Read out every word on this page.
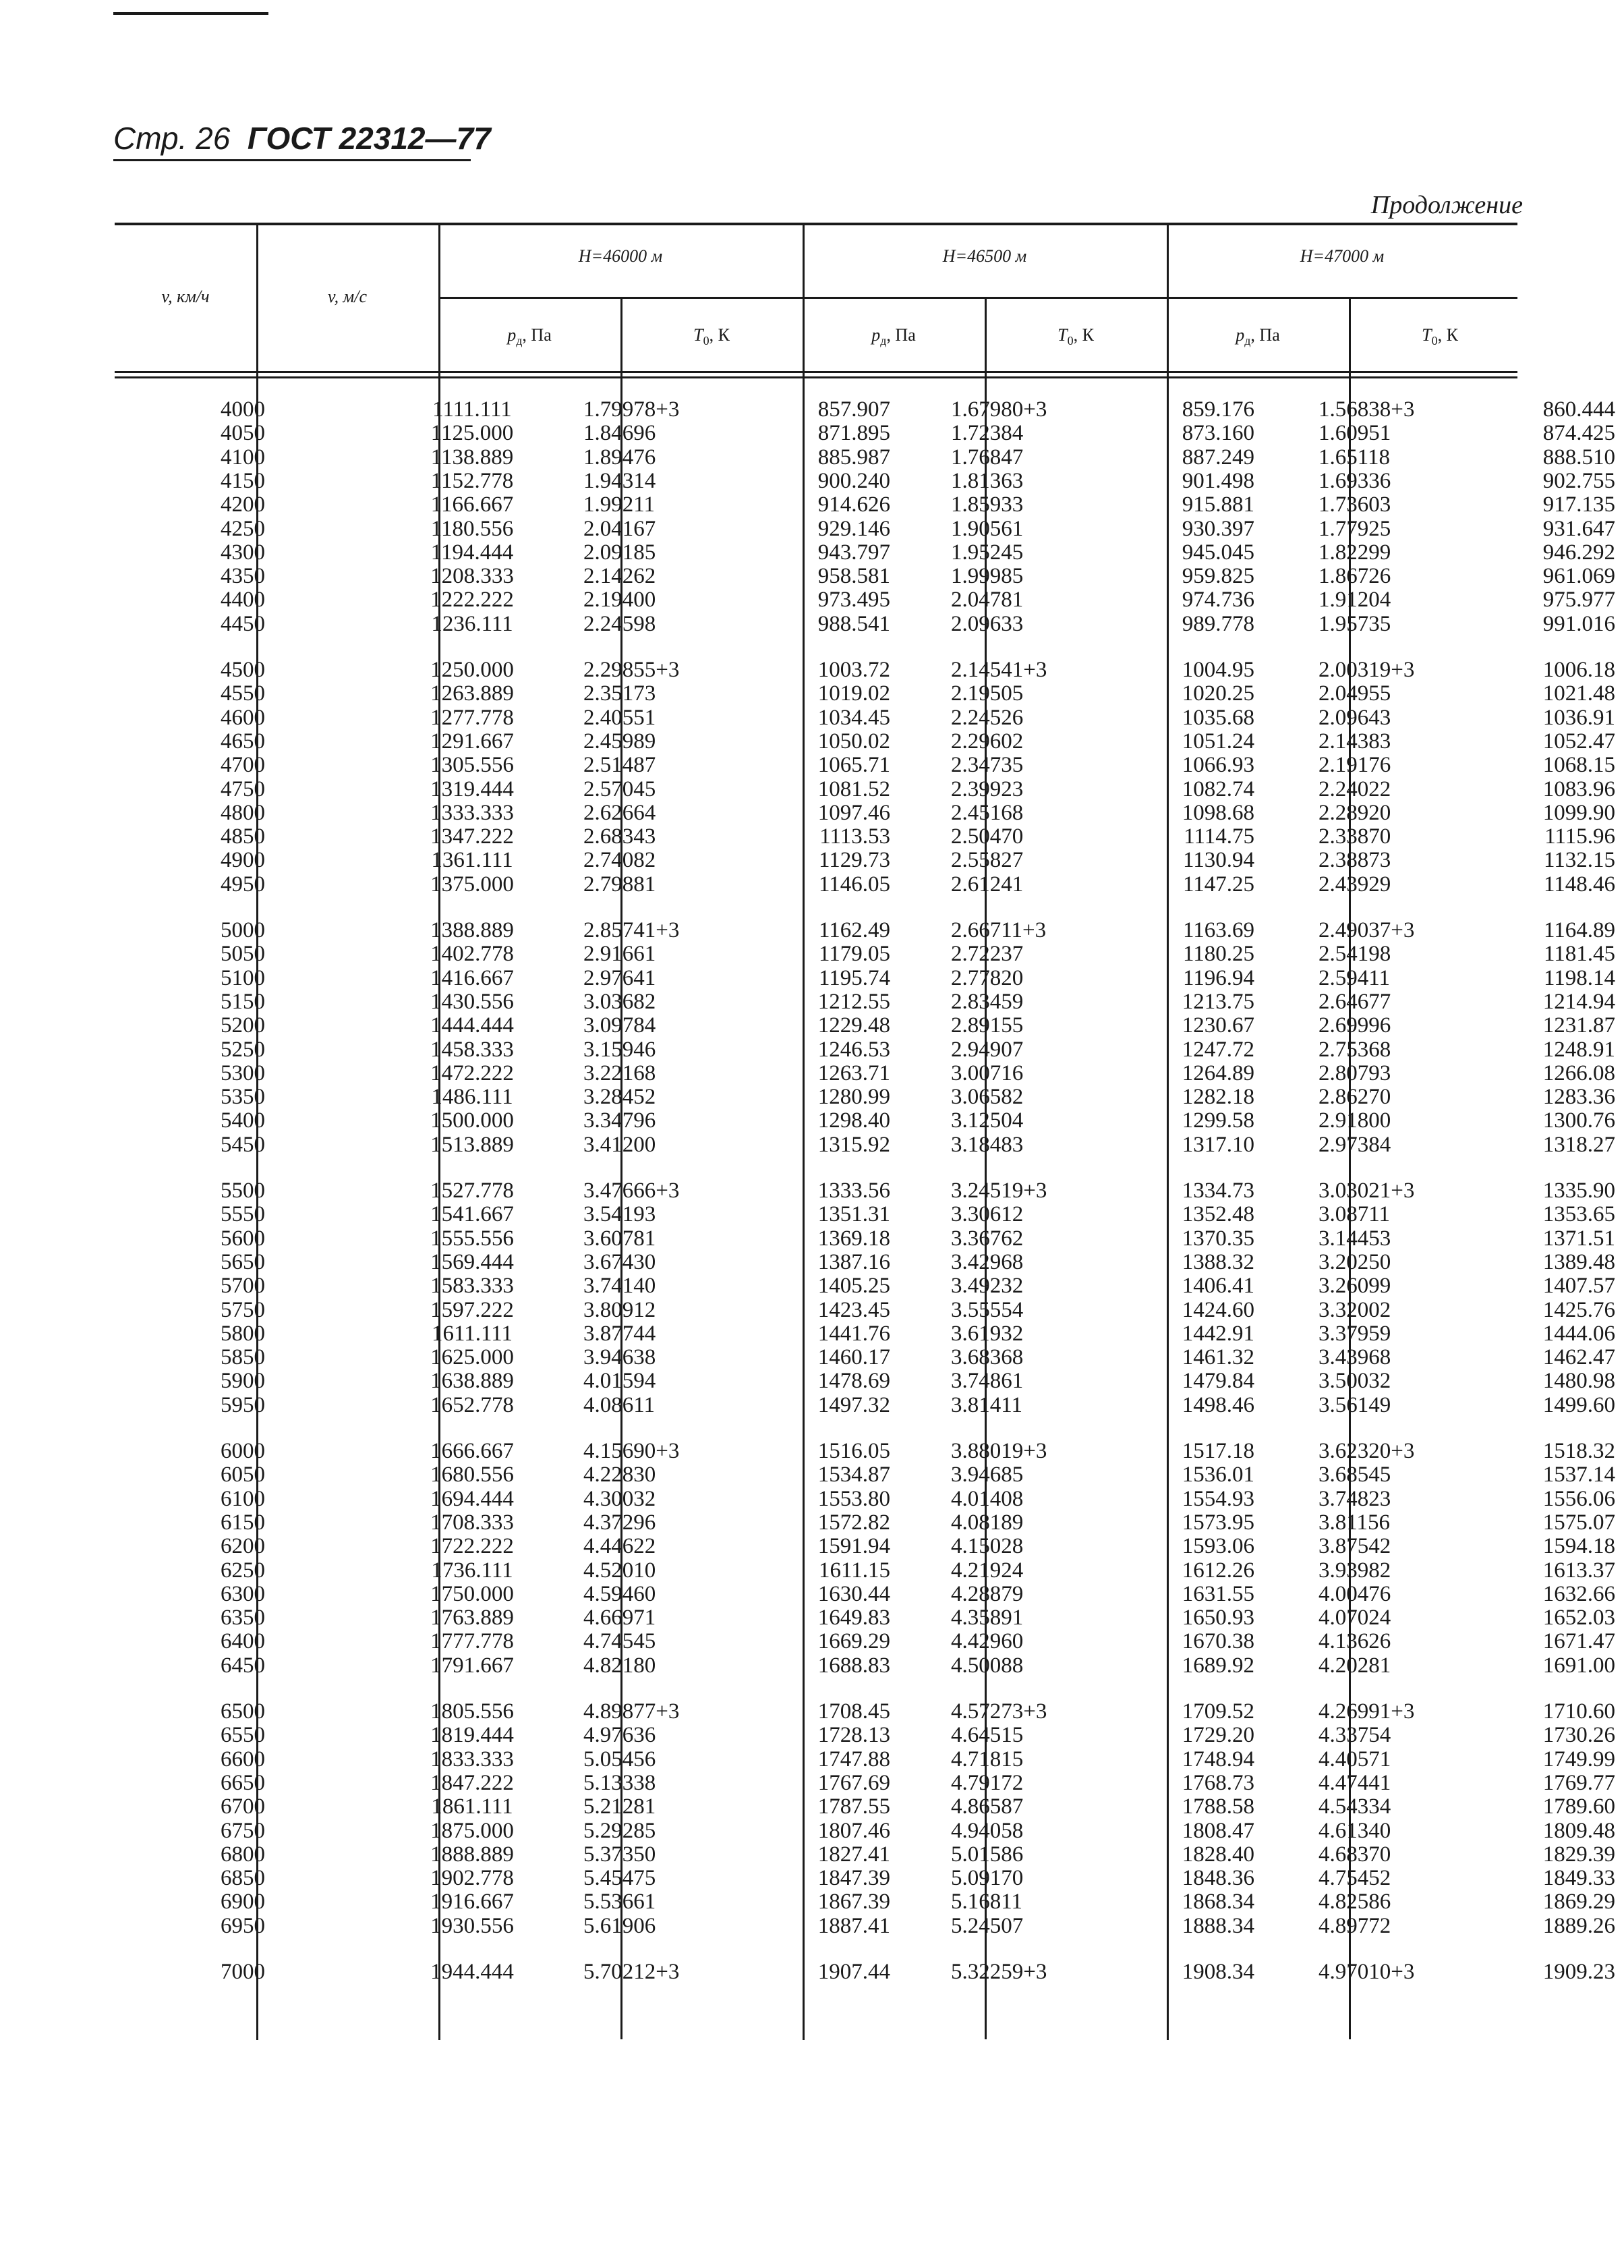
Стр. 26 ГОСТ 22312—77
Продолжение
v, км/ч	v, м/с
H=46000 м	H=46500 м	H=47000 м
$p_д$, Па	$T_0$, К	$p_д$, Па	$T_0$, К	$p_д$, Па	$T_0$, К
4000	1111.111	1.79978+3	857.907	1.67980+3	859.176	1.56838+3	860.444
4050	1125.000	1.84696	871.895	1.72384	873.160	1.60951	874.425
4100	1138.889	1.89476	885.987	1.76847	887.249	1.65118	888.510
4150	1152.778	1.94314	900.240	1.81363	901.498	1.69336	902.755
4200	1166.667	1.99211	914.626	1.85933	915.881	1.73603	917.135
4250	1180.556	2.04167	929.146	1.90561	930.397	1.77925	931.647
4300	1194.444	2.09185	943.797	1.95245	945.045	1.82299	946.292
4350	1208.333	2.14262	958.581	1.99985	959.825	1.86726	961.069
4400	1222.222	2.19400	973.495	2.04781	974.736	1.91204	975.977
4450	1236.111	2.24598	988.541	2.09633	989.778	1.95735	991.016
4500	1250.000	2.29855+3	1003.72	2.14541+3	1004.95	2.00319+3	1006.18
4550	1263.889	2.35173	1019.02	2.19505	1020.25	2.04955	1021.48
4600	1277.778	2.40551	1034.45	2.24526	1035.68	2.09643	1036.91
4650	1291.667	2.45989	1050.02	2.29602	1051.24	2.14383	1052.47
4700	1305.556	2.51487	1065.71	2.34735	1066.93	2.19176	1068.15
4750	1319.444	2.57045	1081.52	2.39923	1082.74	2.24022	1083.96
4800	1333.333	2.62664	1097.46	2.45168	1098.68	2.28920	1099.90
4850	1347.222	2.68343	1113.53	2.50470	1114.75	2.33870	1115.96
4900	1361.111	2.74082	1129.73	2.55827	1130.94	2.38873	1132.15
4950	1375.000	2.79881	1146.05	2.61241	1147.25	2.43929	1148.46
5000	1388.889	2.85741+3	1162.49	2.66711+3	1163.69	2.49037+3	1164.89
5050	1402.778	2.91661	1179.05	2.72237	1180.25	2.54198	1181.45
5100	1416.667	2.97641	1195.74	2.77820	1196.94	2.59411	1198.14
5150	1430.556	3.03682	1212.55	2.83459	1213.75	2.64677	1214.94
5200	1444.444	3.09784	1229.48	2.89155	1230.67	2.69996	1231.87
5250	1458.333	3.15946	1246.53	2.94907	1247.72	2.75368	1248.91
5300	1472.222	3.22168	1263.71	3.00716	1264.89	2.80793	1266.08
5350	1486.111	3.28452	1280.99	3.06582	1282.18	2.86270	1283.36
5400	1500.000	3.34796	1298.40	3.12504	1299.58	2.91800	1300.76
5450	1513.889	3.41200	1315.92	3.18483	1317.10	2.97384	1318.27
5500	1527.778	3.47666+3	1333.56	3.24519+3	1334.73	3.03021+3	1335.90
5550	1541.667	3.54193	1351.31	3.30612	1352.48	3.08711	1353.65
5600	1555.556	3.60781	1369.18	3.36762	1370.35	3.14453	1371.51
5650	1569.444	3.67430	1387.16	3.42968	1388.32	3.20250	1389.48
5700	1583.333	3.74140	1405.25	3.49232	1406.41	3.26099	1407.57
5750	1597.222	3.80912	1423.45	3.55554	1424.60	3.32002	1425.76
5800	1611.111	3.87744	1441.76	3.61932	1442.91	3.37959	1444.06
5850	1625.000	3.94638	1460.17	3.68368	1461.32	3.43968	1462.47
5900	1638.889	4.01594	1478.69	3.74861	1479.84	3.50032	1480.98
5950	1652.778	4.08611	1497.32	3.81411	1498.46	3.56149	1499.60
6000	1666.667	4.15690+3	1516.05	3.88019+3	1517.18	3.62320+3	1518.32
6050	1680.556	4.22830	1534.87	3.94685	1536.01	3.68545	1537.14
6100	1694.444	4.30032	1553.80	4.01408	1554.93	3.74823	1556.06
6150	1708.333	4.37296	1572.82	4.08189	1573.95	3.81156	1575.07
6200	1722.222	4.44622	1591.94	4.15028	1593.06	3.87542	1594.18
6250	1736.111	4.52010	1611.15	4.21924	1612.26	3.93982	1613.37
6300	1750.000	4.59460	1630.44	4.28879	1631.55	4.00476	1632.66
6350	1763.889	4.66971	1649.83	4.35891	1650.93	4.07024	1652.03
6400	1777.778	4.74545	1669.29	4.42960	1670.38	4.13626	1671.47
6450	1791.667	4.82180	1688.83	4.50088	1689.92	4.20281	1691.00
6500	1805.556	4.89877+3	1708.45	4.57273+3	1709.52	4.26991+3	1710.60
6550	1819.444	4.97636	1728.13	4.64515	1729.20	4.33754	1730.26
6600	1833.333	5.05456	1747.88	4.71815	1748.94	4.40571	1749.99
6650	1847.222	5.13338	1767.69	4.79172	1768.73	4.47441	1769.77
6700	1861.111	5.21281	1787.55	4.86587	1788.58	4.54334	1789.60
6750	1875.000	5.29285	1807.46	4.94058	1808.47	4.61340	1809.48
6800	1888.889	5.37350	1827.41	5.01586	1828.40	4.68370	1829.39
6850	1902.778	5.45475	1847.39	5.09170	1848.36	4.75452	1849.33
6900	1916.667	5.53661	1867.39	5.16811	1868.34	4.82586	1869.29
6950	1930.556	5.61906	1887.41	5.24507	1888.34	4.89772	1889.26
7000	1944.444	5.70212+3	1907.44	5.32259+3	1908.34	4.97010+3	1909.23
